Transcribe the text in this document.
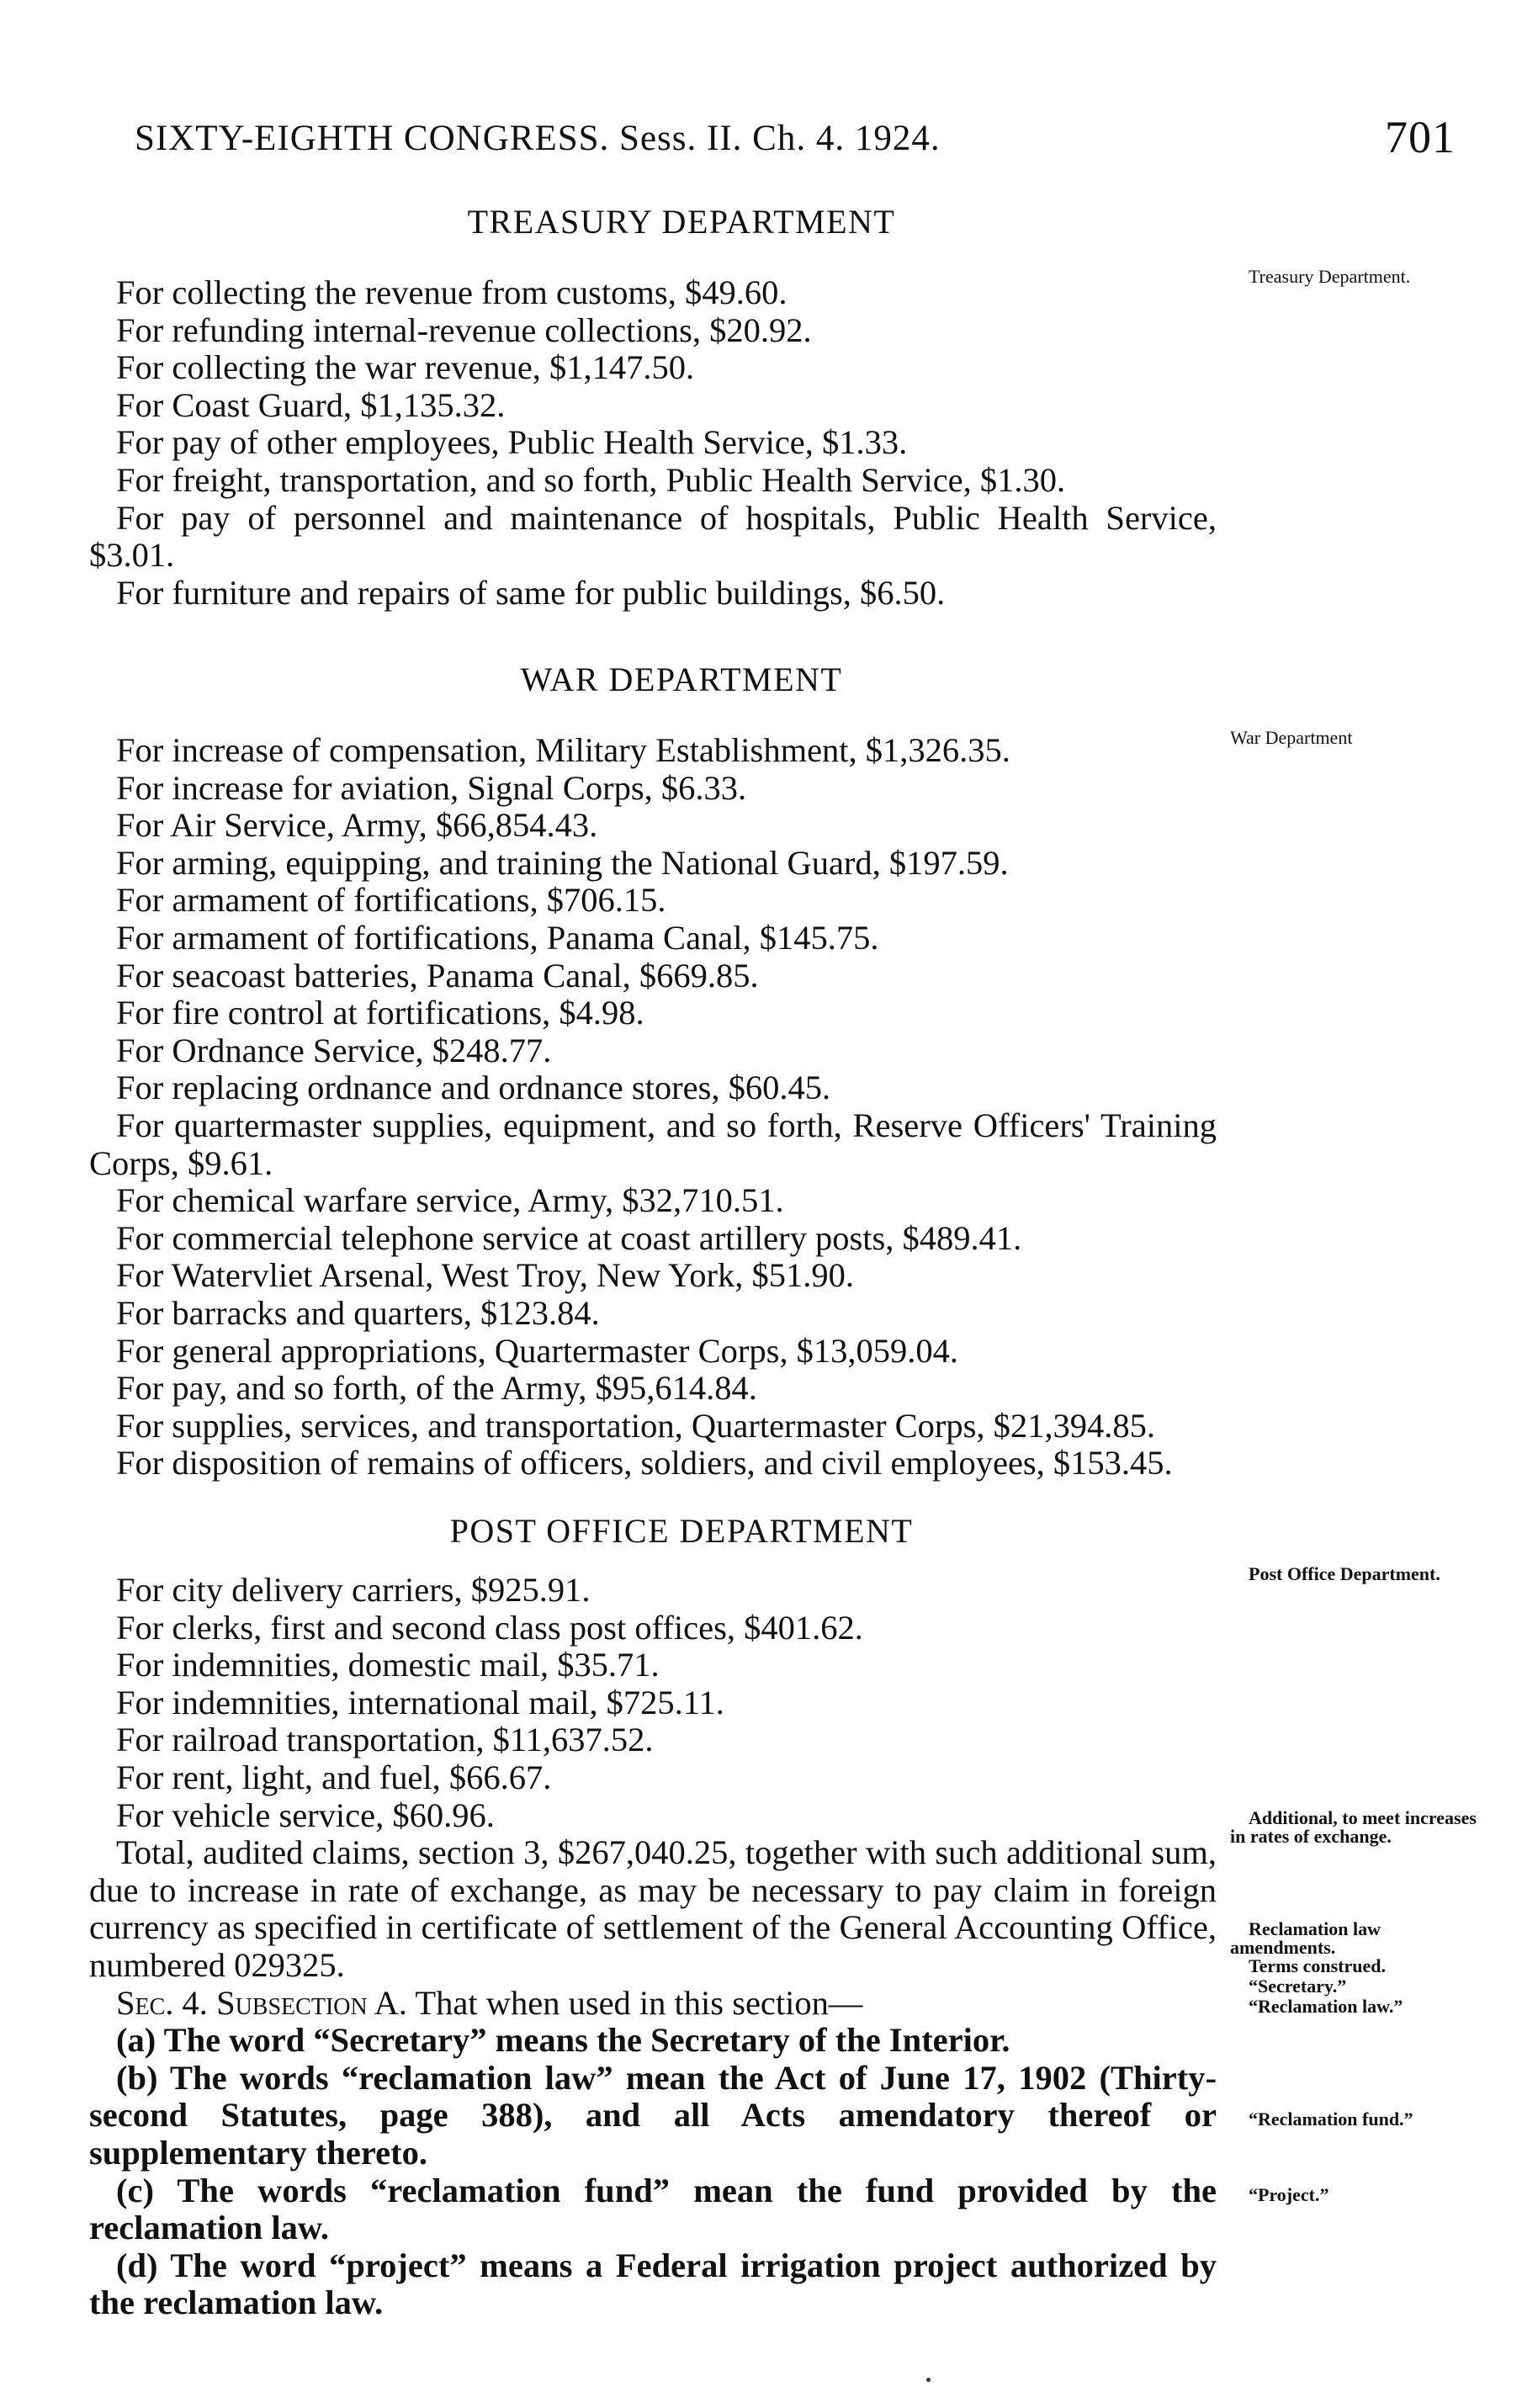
SIXTY-EIGHTH CONGRESS. Sess. II. Ch. 4. 1924.	701
TREASURY DEPARTMENT
Treasury Department.

For collecting the revenue from customs, $49.60.

For refunding internal-revenue collections, $20.92.

For collecting the war revenue, $1,147.50.

For Coast Guard, $1,135.32.

For pay of other employees, Public Health Service, $1.33.

For freight, transportation, and so forth, Public Health Service, $1.30.

For pay of personnel and maintenance of hospitals, Public Health Service, $3.01.

For furniture and repairs of same for public buildings, $6.50.

WAR DEPARTMENT
War Department

For increase of compensation, Military Establishment, $1,326.35.

For increase for aviation, Signal Corps, $6.33.

For Air Service, Army, $66,854.43.

For arming, equipping, and training the National Guard, $197.59.

For armament of fortifications, $706.15.

For armament of fortifications, Panama Canal, $145.75.

For seacoast batteries, Panama Canal, $669.85.

For fire control at fortifications, $4.98.

For Ordnance Service, $248.77.

For replacing ordnance and ordnance stores, $60.45.

For quartermaster supplies, equipment, and so forth, Reserve Officers' Training Corps, $9.61.

For chemical warfare service, Army, $32,710.51.

For commercial telephone service at coast artillery posts, $489.41.

For Watervliet Arsenal, West Troy, New York, $51.90.

For barracks and quarters, $123.84.

For general appropriations, Quartermaster Corps, $13,059.04.

For pay, and so forth, of the Army, $95,614.84.

For supplies, services, and transportation, Quartermaster Corps, $21,394.85.

For disposition of remains of officers, soldiers, and civil employees, $153.45.

POST OFFICE DEPARTMENT
Post Office Department.

For city delivery carriers, $925.91.

For clerks, first and second class post offices, $401.62.

For indemnities, domestic mail, $35.71.

For indemnities, international mail, $725.11.

For railroad transportation, $11,637.52.

For rent, light, and fuel, $66.67.

For vehicle service, $60.96.

Total, audited claims, section 3, $267,040.25, together with such additional sum, due to increase in rate of exchange, as may be necessary to pay claim in foreign currency as specified in certificate of settlement of the General Accounting Office, numbered 029325.

Sec. 4. Subsection A. That when used in this section—

(a) The word “Secretary” means the Secretary of the Interior.

(b) The words “reclamation law” mean the Act of June 17, 1902 (Thirty-second Statutes, page 388), and all Acts amendatory thereof or supplementary thereto.

(c) The words “reclamation fund” mean the fund provided by the reclamation law.

(d) The word “project” means a Federal irrigation project authorized by the reclamation law.

Additional, to meet increases in rates of exchange.
Reclamation law amendments.
Terms construed.
“Secretary.”
“Reclamation law.”
“Reclamation fund.”
“Project.”
